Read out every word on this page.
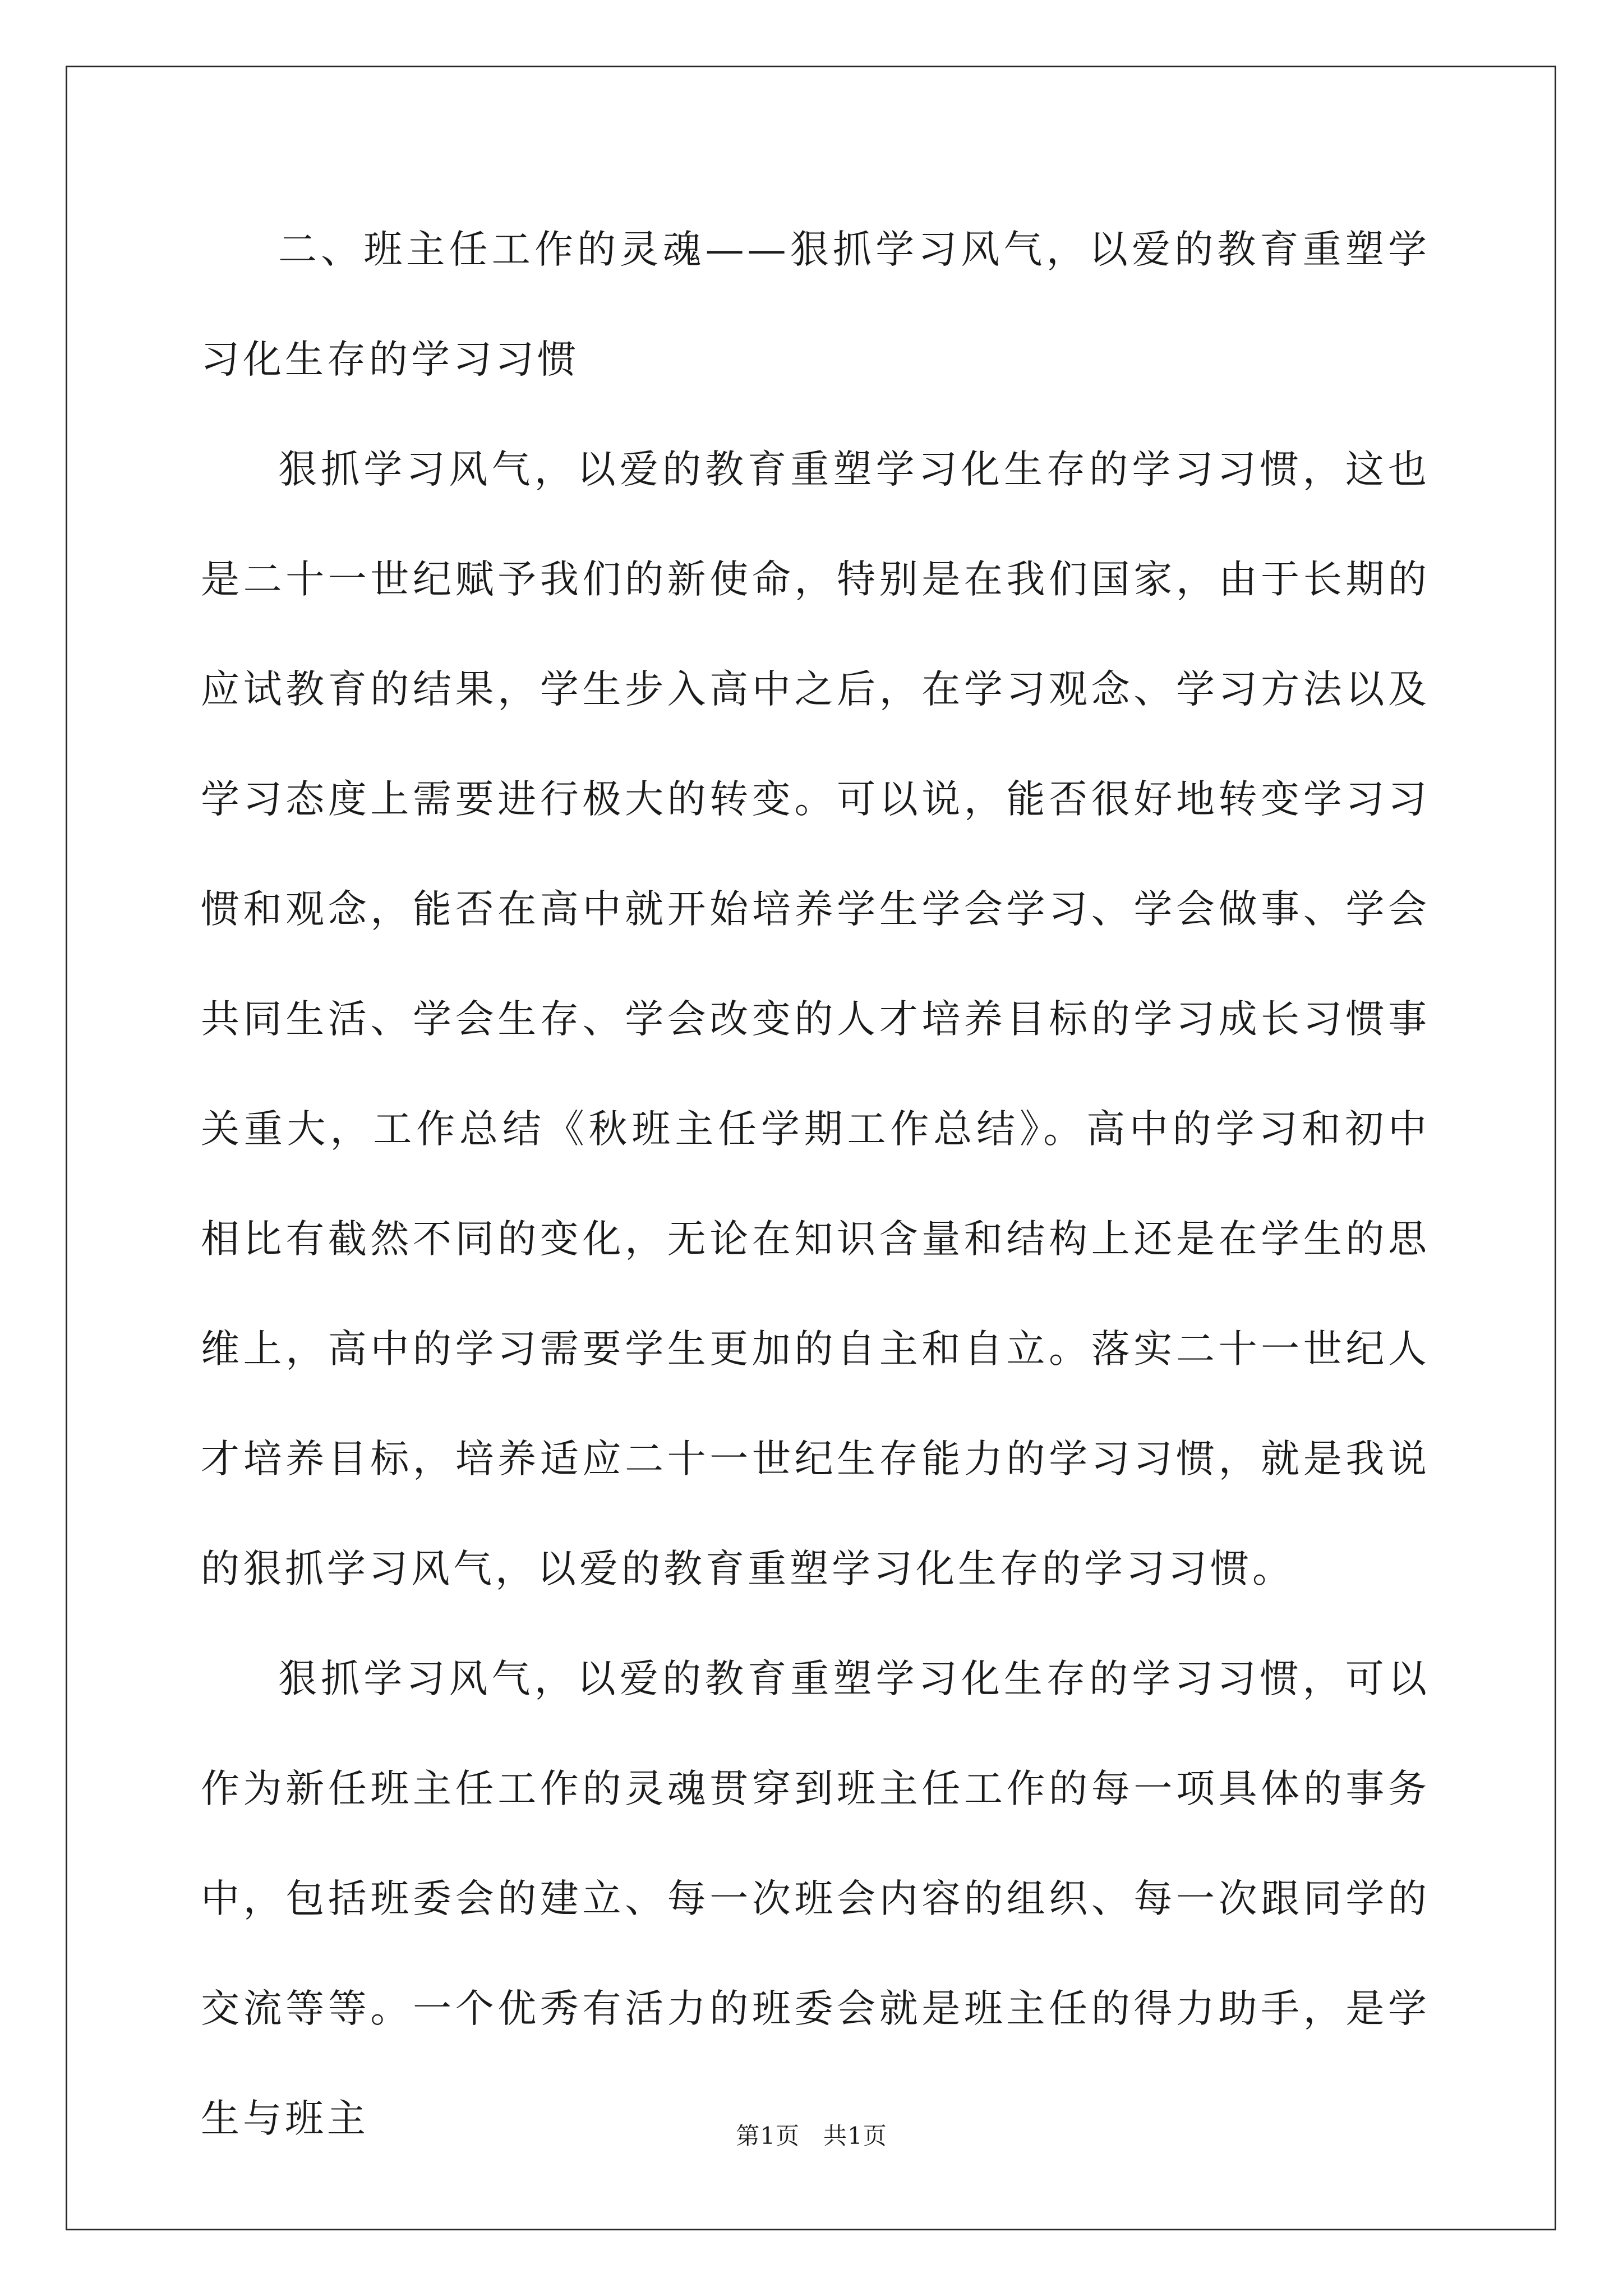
二、班主任工作的灵魂——狠抓学习风气，以爱的教育重塑学习化生存的学习习惯

狠抓学习风气，以爱的教育重塑学习化生存的学习习惯，这也是二十一世纪赋予我们的新使命，特别是在我们国家，由于长期的应试教育的结果，学生步入高中之后，在学习观念、学习方法以及学习态度上需要进行极大的转变。可以说，能否很好地转变学习习惯和观念，能否在高中就开始培养学生学会学习、学会做事、学会共同生活、学会生存、学会改变的人才培养目标的学习成长习惯事关重大，工作总结《秋班主任学期工作总结》。高中的学习和初中相比有截然不同的变化，无论在知识含量和结构上还是在学生的思维上，高中的学习需要学生更加的自主和自立。落实二十一世纪人才培养目标，培养适应二十一世纪生存能力的学习习惯，就是我说的狠抓学习风气，以爱的教育重塑学习化生存的学习习惯。

狠抓学习风气，以爱的教育重塑学习化生存的学习习惯，可以作为新任班主任工作的灵魂贯穿到班主任工作的每一项具体的事务中，包括班委会的建立、每一次班会内容的组织、每一次跟同学的交流等等。一个优秀有活力的班委会就是班主任的得力助手，是学生与班主	第1页 共1页
